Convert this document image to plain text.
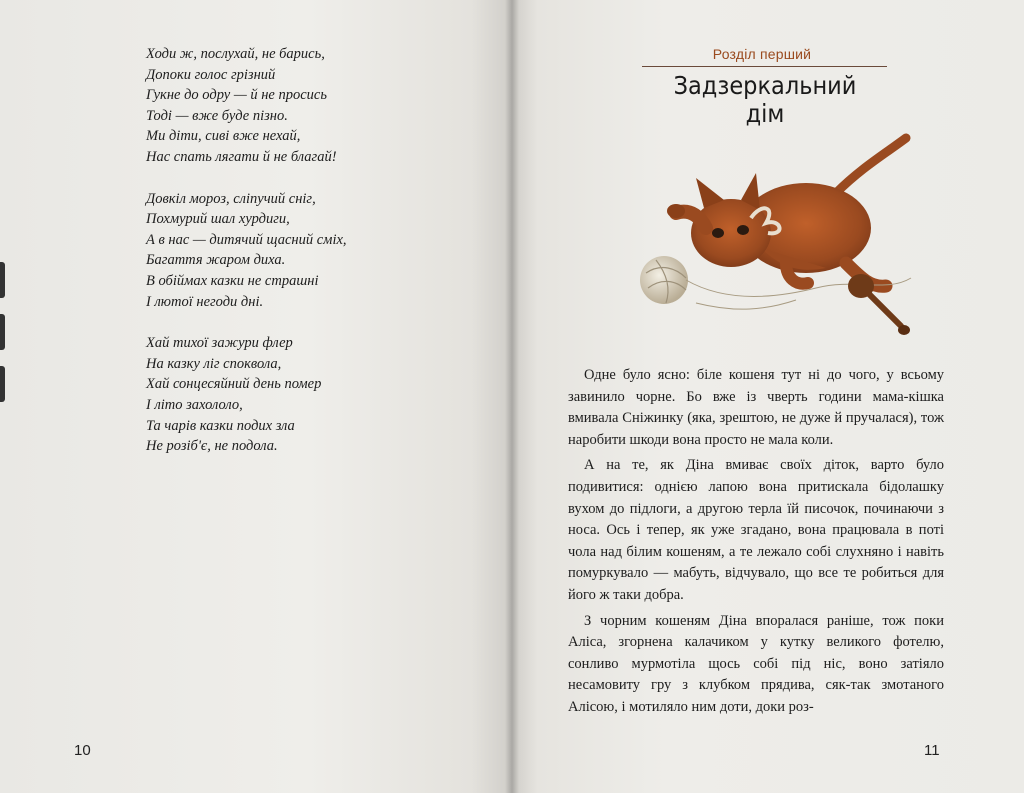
Ходи ж, послухай, не барись,
Допоки голос грізний
Гукне до одру — й не просись
Тоді — вже буде пізно.
Ми діти, сиві вже нехай,
Нас спать лягати й не благай!
Довкіл мороз, сліпучий сніг,
Похмурий шал хурдиги,
А в нас — дитячий щасний сміх,
Багаття жаром диха.
В обіймах казки не страшні
І лютої негоди дні.
Хай тихої зажури флер
На казку ліг споквола,
Хай сонцесяйний день помер
І літо захололо,
Та чарів казки подих зла
Не розіб'є, не подола.
10
Розділ перший
Задзеркальний
дім

Одне було ясно: біле кошеня тут ні до чого, у всьому завинило чорне. Бо вже із чверть години мама-кішка вмивала Сніжинку (яка, зрештою, не дуже й пручалася), тож наробити шкоди вона просто не мала коли.

А на те, як Діна вмиває своїх діток, варто було подивитися: однією лапою вона притискала бідолашку вухом до підлоги, а другою терла їй писочок, починаючи з носа. Ось і тепер, як уже згадано, вона працювала в поті чола над білим кошеням, а те лежало собі слухняно і навіть помуркувало — мабуть, відчувало, що все те робиться для його ж таки добра.

З чорним кошеням Діна впоралася раніше, тож поки Аліса, згорнена калачиком у кутку великого фотелю, сонливо мурмотіла щось собі під ніс, воно затіяло несамовиту гру з клубком прядива, сяк-так змотаного Алісою, і мотиляло ним доти, доки роз-

11
